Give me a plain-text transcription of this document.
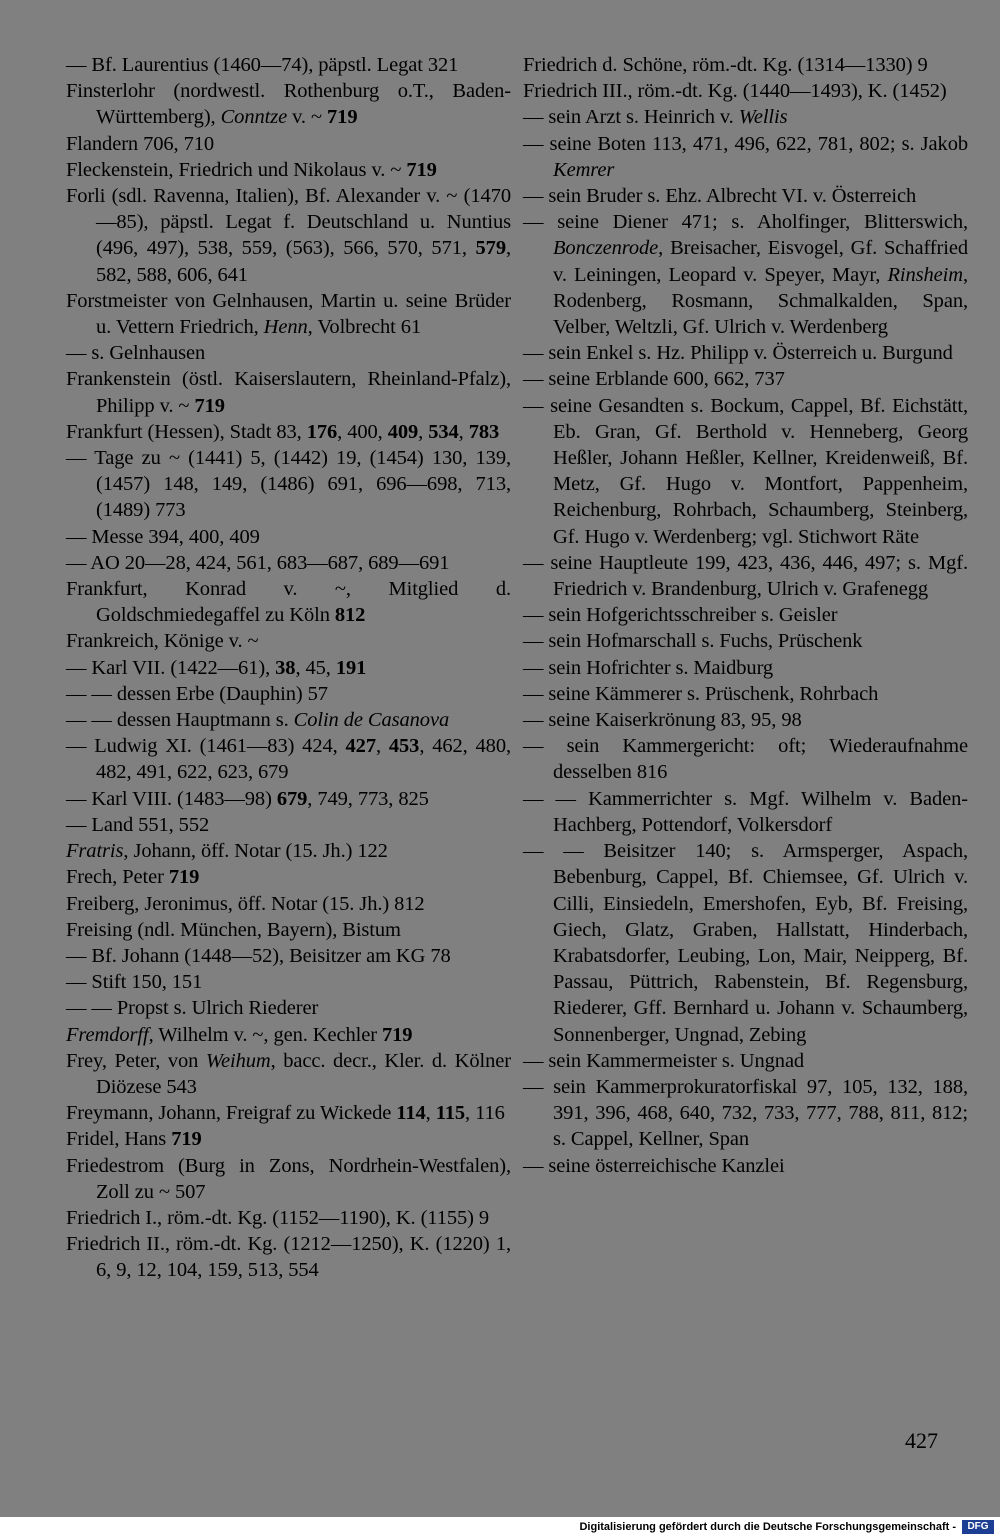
— Bf. Laurentius (1460—74), päpstl. Legat 321

Finsterlohr (nordwestl. Rothenburg o.T., Baden-Württemberg), Conntze v. ~ 719

Flandern 706, 710

Fleckenstein, Friedrich und Nikolaus v. ~ 719

Forli (sdl. Ravenna, Italien), Bf. Alexander v. ~ (1470—85), päpstl. Legat f. Deutschland u. Nuntius (496, 497), 538, 559, (563), 566, 570, 571, 579, 582, 588, 606, 641

Forstmeister von Gelnhausen, Martin u. seine Brüder u. Vettern Friedrich, Henn, Volbrecht 61

— s. Gelnhausen

Frankenstein (östl. Kaiserslautern, Rheinland-Pfalz), Philipp v. ~ 719

Frankfurt (Hessen), Stadt 83, 176, 400, 409, 534, 783

— Tage zu ~ (1441) 5, (1442) 19, (1454) 130, 139, (1457) 148, 149, (1486) 691, 696—698, 713, (1489) 773

— Messe 394, 400, 409

— AO 20—28, 424, 561, 683—687, 689—691

Frankfurt, Konrad v. ~, Mitglied d. Goldschmiedegaffel zu Köln 812

Frankreich, Könige v. ~

— Karl VII. (1422—61), 38, 45, 191

— — dessen Erbe (Dauphin) 57

— — dessen Hauptmann s. Colin de Casanova

— Ludwig XI. (1461—83) 424, 427, 453, 462, 480, 482, 491, 622, 623, 679

— Karl VIII. (1483—98) 679, 749, 773, 825

— Land 551, 552

Fratris, Johann, öff. Notar (15. Jh.) 122

Frech, Peter 719

Freiberg, Jeronimus, öff. Notar (15. Jh.) 812

Freising (ndl. München, Bayern), Bistum

— Bf. Johann (1448—52), Beisitzer am KG 78

— Stift 150, 151

— — Propst s. Ulrich Riederer

Fremdorff, Wilhelm v. ~, gen. Kechler 719

Frey, Peter, von Weihum, bacc. decr., Kler. d. Kölner Diözese 543

Freymann, Johann, Freigraf zu Wickede 114, 115, 116

Fridel, Hans 719

Friedestrom (Burg in Zons, Nordrhein-Westfalen), Zoll zu ~ 507

Friedrich I., röm.-dt. Kg. (1152—1190), K. (1155) 9

Friedrich II., röm.-dt. Kg. (1212—1250), K. (1220) 1, 6, 9, 12, 104, 159, 513, 554

Friedrich d. Schöne, röm.-dt. Kg. (1314—1330) 9

Friedrich III., röm.-dt. Kg. (1440—1493), K. (1452)

— sein Arzt s. Heinrich v. Wellis

— seine Boten 113, 471, 496, 622, 781, 802; s. Jakob Kemrer

— sein Bruder s. Ehz. Albrecht VI. v. Österreich

— seine Diener 471; s. Aholfinger, Blitterswich, Bonczenrode, Breisacher, Eisvogel, Gf. Schaffried v. Leiningen, Leopard v. Speyer, Mayr, Rinsheim, Rodenberg, Rosmann, Schmalkalden, Span, Velber, Weltzli, Gf. Ulrich v. Werdenberg

— sein Enkel s. Hz. Philipp v. Österreich u. Burgund

— seine Erblande 600, 662, 737

— seine Gesandten s. Bockum, Cappel, Bf. Eichstätt, Eb. Gran, Gf. Berthold v. Henneberg, Georg Heßler, Johann Heßler, Kellner, Kreidenweiß, Bf. Metz, Gf. Hugo v. Montfort, Pappenheim, Reichenburg, Rohrbach, Schaumberg, Steinberg, Gf. Hugo v. Werdenberg; vgl. Stichwort Räte

— seine Hauptleute 199, 423, 436, 446, 497; s. Mgf. Friedrich v. Brandenburg, Ulrich v. Grafenegg

— sein Hofgerichtsschreiber s. Geisler

— sein Hofmarschall s. Fuchs, Prüschenk

— sein Hofrichter s. Maidburg

— seine Kämmerer s. Prüschenk, Rohrbach

— seine Kaiserkrönung 83, 95, 98

— sein Kammergericht: oft; Wiederaufnahme desselben 816

— — Kammerrichter s. Mgf. Wilhelm v. Baden-Hachberg, Pottendorf, Volkersdorf

— — Beisitzer 140; s. Armsperger, Aspach, Bebenburg, Cappel, Bf. Chiemsee, Gf. Ulrich v. Cilli, Einsiedeln, Emershofen, Eyb, Bf. Freising, Giech, Glatz, Graben, Hallstatt, Hinderbach, Krabatsdorfer, Leubing, Lon, Mair, Neipperg, Bf. Passau, Püttrich, Rabenstein, Bf. Regensburg, Riederer, Gff. Bernhard u. Johann v. Schaumberg, Sonnenberger, Ungnad, Zebing

— sein Kammermeister s. Ungnad

— sein Kammerprokuratorfiskal 97, 105, 132, 188, 391, 396, 468, 640, 732, 733, 777, 788, 811, 812; s. Cappel, Kellner, Span

— seine österreichische Kanzlei

427
Digitalisierung gefördert durch die Deutsche Forschungsgemeinschaft -	DFG
